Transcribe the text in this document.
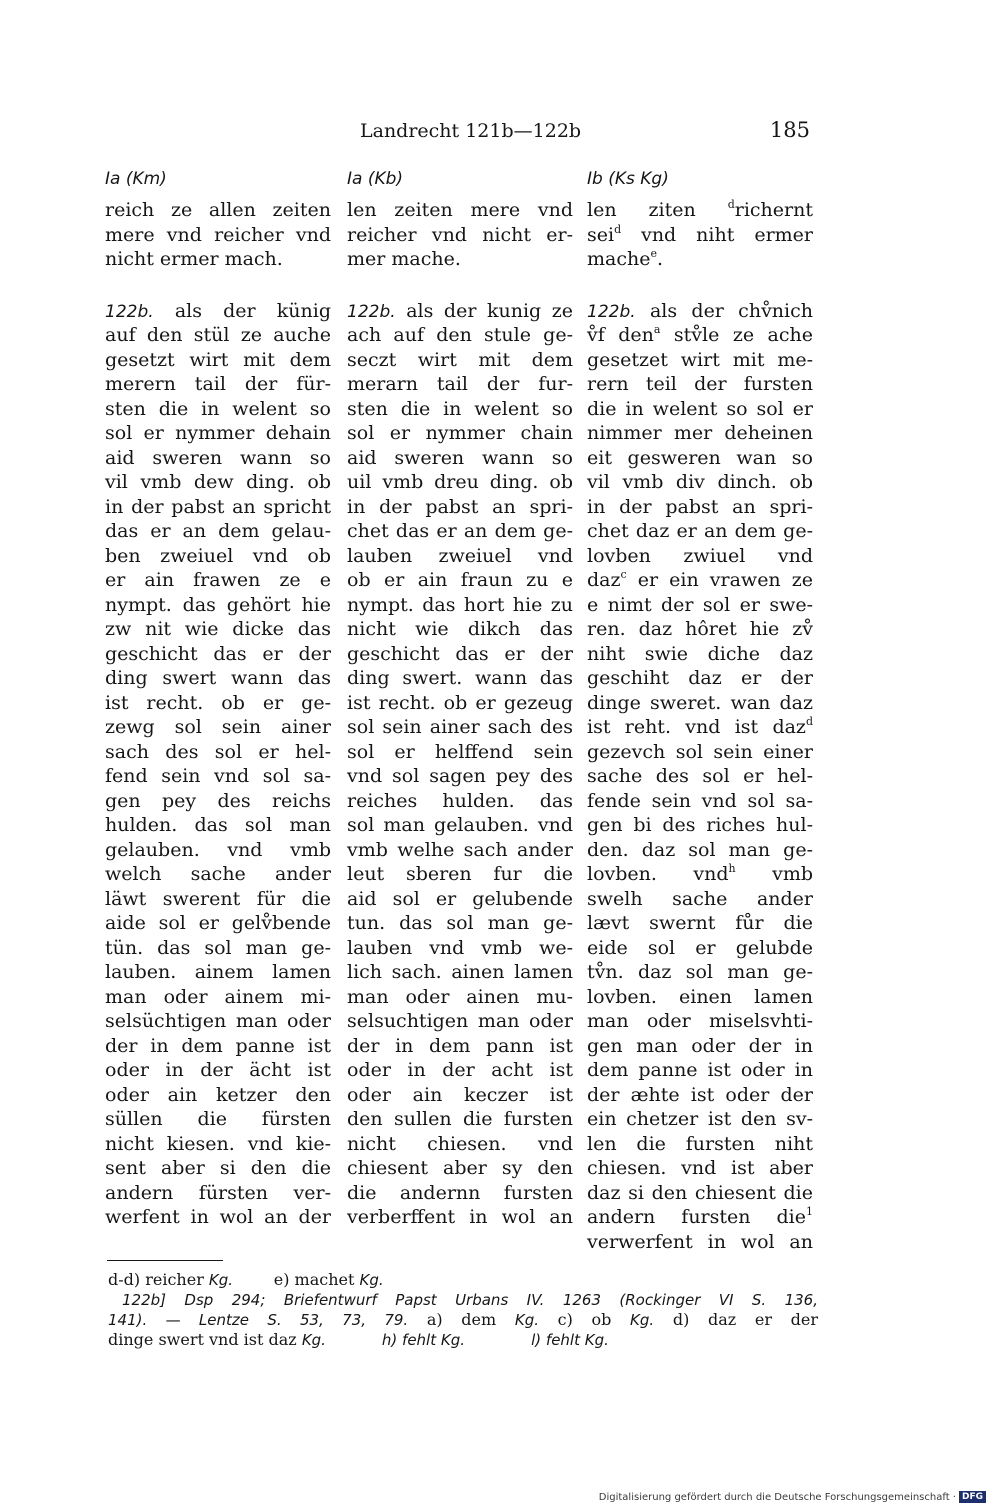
Landrecht 121b—122b	185
Ia (Km)
reich ze allen zeiten
mere vnd reicher vnd
nicht ermer mach.
122b. als der künig
auf den stül ze auche
gesetzt wirt mit dem
merern tail der für-
sten die in welent so
sol er nymmer dehain
aid sweren wann so
vil vmb dew ding. ob
in der pabst an spricht
das er an dem gelau-
ben zweiuel vnd ob
er ain frawen ze e
nympt. das gehört hie
zw nit wie dicke das
geschicht das er der
ding swert wann das
ist recht. ob er ge-
zewg sol sein ainer
sach des sol er hel-
fend sein vnd sol sa-
gen pey des reichs
hulden. das sol man
gelauben. vnd vmb
welch sache ander
läwt swerent für die
aide sol er gelv̊bende
tün. das sol man ge-
lauben. ainem lamen
man oder ainem mi-
selsüchtigen man oder
der in dem panne ist
oder in der ächt ist
oder ain ketzer den
süllen die fürsten
nicht kiesen. vnd kie-
sent aber si den die
andern fürsten ver-
werfent in wol an der
Ia (Kb)
len zeiten mere vnd
reicher vnd nicht er-
mer mache.
122b. als der kunig ze
ach auf den stule ge-
seczt wirt mit dem
merarn tail der fur-
sten die in welent so
sol er nymmer chain
aid sweren wann so
uil vmb dreu ding. ob
in der pabst an spri-
chet das er an dem ge-
lauben zweiuel vnd
ob er ain fraun zu e
nympt. das hort hie zu
nicht wie dikch das
geschicht das er der
ding swert. wann das
ist recht. ob er gezeug
sol sein ainer sach des
sol er helffend sein
vnd sol sagen pey des
reiches hulden. das
sol man gelauben. vnd
vmb welhe sach ander
leut sberen fur die
aid sol er gelubende
tun. das sol man ge-
lauben vnd vmb we-
lich sach. ainen lamen
man oder ainen mu-
selsuchtigen man oder
der in dem pann ist
oder in der acht ist
oder ain keczer ist
den sullen die fursten
nicht chiesen. vnd
chiesent aber sy den
die andernn fursten
verberffent in wol an
Ib (Ks Kg)
len ziten $^d$richernt
sei$^d$ vnd niht ermer
mache$^e$.
122b. als der chv̊nich
v̊f den$^a$ stv̊le ze ache
gesetzet wirt mit me-
rern teil der fursten
die in welent so sol er
nimmer mer deheinen
eit gesweren wan so
vil vmb div dinch. ob
in der pabst an spri-
chet daz er an dem ge-
lovben zwiuel vnd
daz$^c$ er ein vrawen ze
e nimt der sol er swe-
ren. daz hôret hie zv̊
niht swie diche daz
geschiht daz er der
dinge sweret. wan daz
ist reht. vnd ist daz$^d$
gezevch sol sein einer
sache des sol er hel-
fende sein vnd sol sa-
gen bi des riches hul-
den. daz sol man ge-
lovben. vnd$^h$ vmb
swelh sache ander
lævt swernt fůr die
eide sol er gelubde
tv̊n. daz sol man ge-
lovben. einen lamen
man oder miselsvhti-
gen man oder der in
dem panne ist oder in
der æhte ist oder der
ein chetzer ist den sv-
len die fursten niht
chiesen. vnd ist aber
daz si den chiesent die
andern fursten die$^1$
verwerfent in wol an
d-d) reicher Kg.	e) machet Kg.
122b] Dsp 294; Briefentwurf Papst Urbans IV. 1263 (Rockinger VI S. 136,
141). — Lentze S. 53, 73, 79. a) dem Kg. c) ob Kg. d) daz er der
dinge swert vnd ist daz Kg.	h) fehlt Kg.	l) fehlt Kg.
Digitalisierung gefördert durch die Deutsche Forschungsgemeinschaft · DFG
